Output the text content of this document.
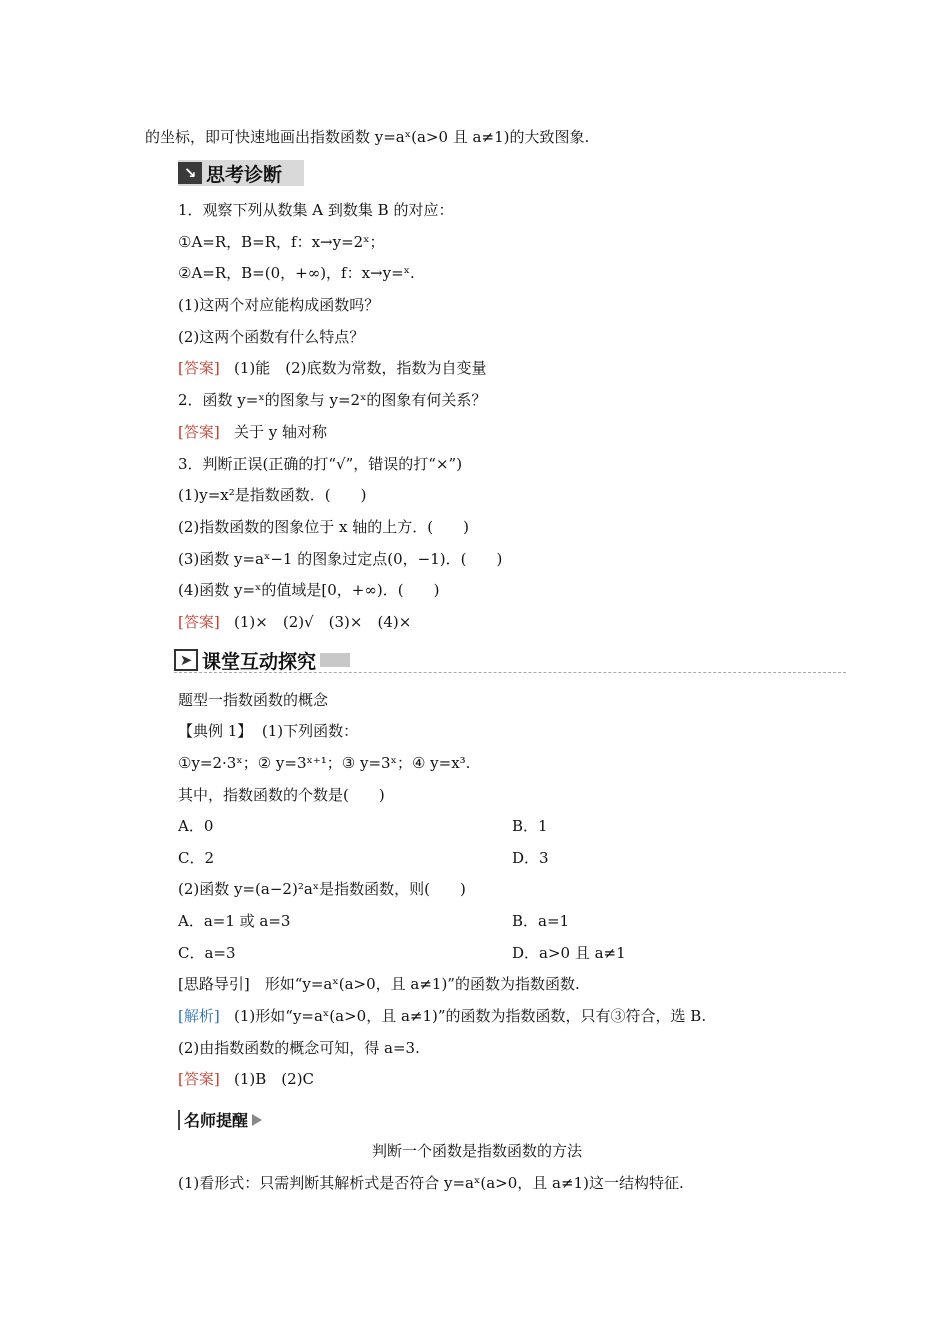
的坐标，即可快速地画出指数函数 y=aˣ(a>0 且 a≠1)的大致图象.
↘ 思考诊断
1．观察下列从数集 A 到数集 B 的对应：
①A=R，B=R，f：x→y=2ˣ；
②A=R，B=(0，+∞)，f：x→y=ˣ.
(1)这两个对应能构成函数吗？
(2)这两个函数有什么特点？
[答案] (1)能　(2)底数为常数，指数为自变量
2．函数 y=ˣ的图象与 y=2ˣ的图象有何关系？
[答案] 关于 y 轴对称
3．判断正误(正确的打“√”，错误的打“×”)
(1)y=x²是指数函数．(　　)
(2)指数函数的图象位于 x 轴的上方．(　　)
(3)函数 y=aˣ−1 的图象过定点(0，−1)．(　　)
(4)函数 y=ˣ的值域是[0，+∞)．(　　)
[答案] (1)×　(2)√　(3)×　(4)×
➤ 课堂互动探究
题型一指数函数的概念
【典例 1】 (1)下列函数：
①y=2·3ˣ；② y=3ˣ⁺¹；③ y=3ˣ；④ y=x³.
其中，指数函数的个数是(　　)
A．0	B．1
C．2	D．3
(2)函数 y=(a−2)²aˣ是指数函数，则(　　)
A．a=1 或 a=3	B．a=1
C．a=3	D．a>0 且 a≠1
[思路导引]　形如“y=aˣ(a>0，且 a≠1)”的函数为指数函数.
[解析] (1)形如“y=aˣ(a>0，且 a≠1)”的函数为指数函数，只有③符合，选 B.
(2)由指数函数的概念可知，得 a=3.
[答案] (1)B　(2)C
名师提醒
判断一个函数是指数函数的方法
(1)看形式：只需判断其解析式是否符合 y=aˣ(a>0，且 a≠1)这一结构特征.
